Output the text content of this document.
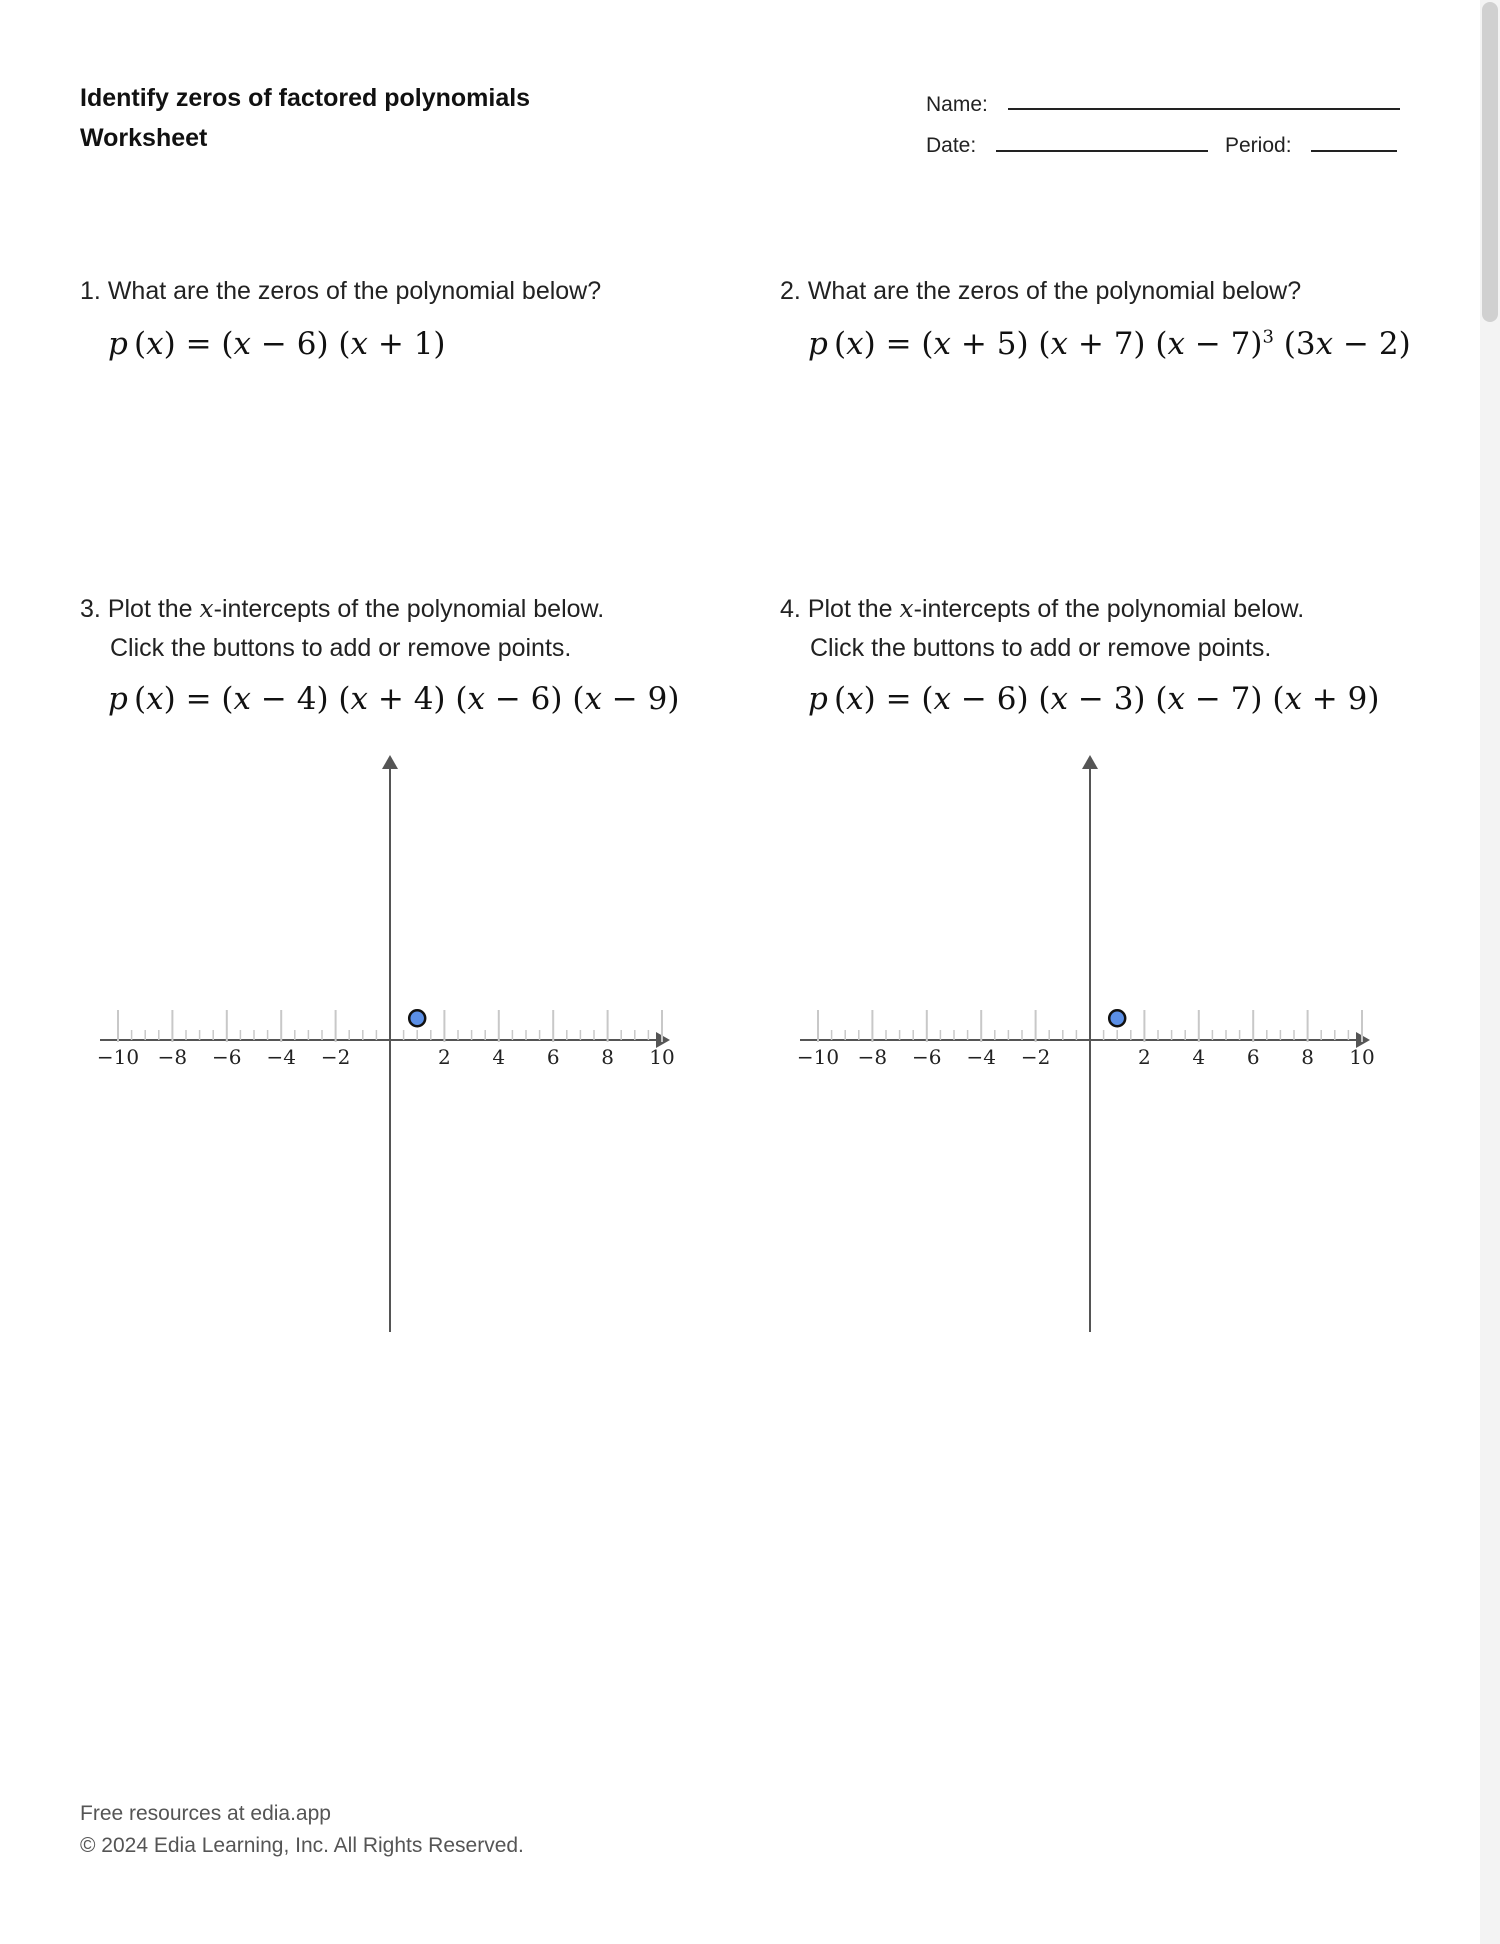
Identify zeros of factored polynomials
Worksheet
Name:
Date:	Period:
1. What are the zeros of the polynomial below?
p (x) = (x − 6) (x + 1)
2. What are the zeros of the polynomial below?
p (x) = (x + 5) (x + 7) $(x - 7)^3$ (3x − 2)
3. Plot the x-intercepts of the polynomial below.
Click the buttons to add or remove points.
p (x) = (x − 4) (x + 4) (x − 6) (x − 9)
4. Plot the x-intercepts of the polynomial below.
Click the buttons to add or remove points.
p (x) = (x − 6) (x − 3) (x − 7) (x + 9)
−10 −8 −6 −4 −2	2 4 6 8 10	−10 −8 −6 −4 −2	2 4 6 8 10
Free resources at edia.app
© 2024 Edia Learning, Inc. All Rights Reserved.
